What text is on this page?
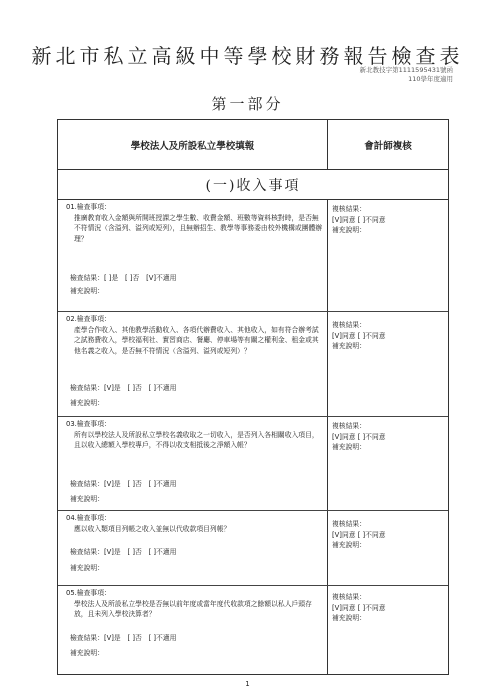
新北市私立高級中等學校財務報告檢查表
新北教技字第1111595431號函
110學年度適用
第一部分
學校法人及所設私立學校填報	會計師複核
(一)收入事項
01.檢查事項：
推廣教育收入金額與所開班授課之學生數、收費金額、班數等資料核對時，是否無不符情況（含溢列、溢列或短列），且無辦招生、教學等事務委由校外機構或團體辦理？
檢查結果：[ ]是　[ ]否　[V]不適用
補充說明：
複核結果：
[V]同意 [ ]不同意
補充說明：
02.檢查事項：
產學合作收入、其他教學活動收入、各項代辦費收入、其他收入，如有符合辦考試之試務費收入，學校福利社、實習商店、餐廳、停車場等有關之權利金、租金或其他名義之收入，是否無不符情況（含溢列、溢列或短列）？
檢查結果：[V]是　[ ]否　[ ]不適用
補充說明：
複核結果：
[V]同意 [ ]不同意
補充說明：
03.檢查事項：
所有以學校法人及所設私立學校名義收取之一切收入，是否列入各相關收入項目，且以收入總額入學校專戶，不得以收支相抵後之淨額入帳？
檢查結果：[V]是　[ ]否　[ ]不適用
補充說明：
複核結果：
[V]同意 [ ]不同意
補充說明：
04.檢查事項：
應以收入類項目列帳之收入並無以代收款項目列帳？
檢查結果：[V]是　[ ]否　[ ]不適用
補充說明：
複核結果：
[V]同意 [ ]不同意
補充說明：
05.檢查事項：
學校法人及所設私立學校是否無以前年度或當年度代收款項之餘額以私人戶頭存放，且未列入學校決算者？
檢查結果：[V]是　[ ]否　[ ]不適用
補充說明：
複核結果：
[V]同意 [ ]不同意
補充說明：
1
